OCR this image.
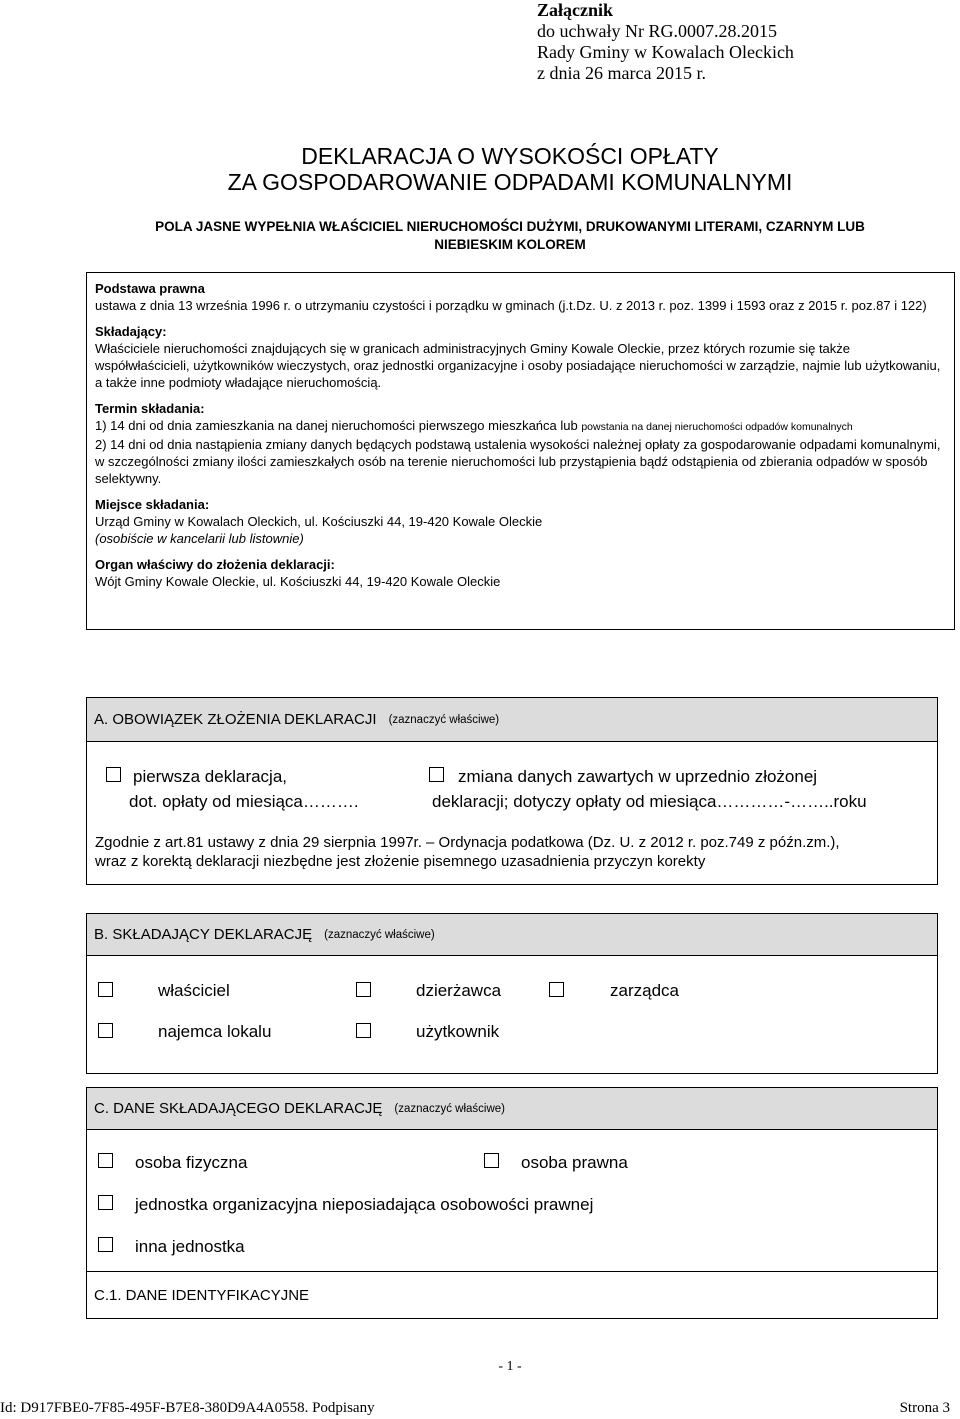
Załącznik
do uchwały Nr RG.0007.28.2015
Rady Gminy w Kowalach Oleckich
z dnia 26 marca 2015 r.
DEKLARACJA O WYSOKOŚCI OPŁATY
ZA GOSPODAROWANIE ODPADAMI KOMUNALNYMI
POLA JASNE WYPEŁNIA WŁAŚCICIEL NIERUCHOMOŚCI DUŻYMI, DRUKOWANYMI LITERAMI, CZARNYM LUB
NIEBIESKIM KOLOREM

Podstawa prawna

ustawa z dnia 13 września 1996 r. o utrzymaniu czystości i porządku w gminach (j.t.Dz. U. z 2013 r. poz. 1399 i 1593 oraz z 2015 r. poz.87 i 122)

Składający:

Właściciele nieruchomości znajdujących się w granicach administracyjnych Gminy Kowale Oleckie, przez których rozumie się także współwłaścicieli, użytkowników wieczystych, oraz jednostki organizacyjne i osoby posiadające nieruchomości w zarządzie, najmie lub użytkowaniu, a także inne podmioty władające nieruchomością.

Termin składania:

1) 14 dni od dnia zamieszkania na danej nieruchomości pierwszego mieszkańca lub powstania na danej nieruchomości odpadów komunalnych

2) 14 dni od dnia nastąpienia zmiany danych będących podstawą ustalenia wysokości należnej opłaty za gospodarowanie odpadami komunalnymi, w szczególności zmiany ilości zamieszkałych osób na terenie nieruchomości lub przystąpienia bądź odstąpienia od zbierania odpadów w sposób selektywny.

Miejsce składania:

Urząd Gminy w Kowalach Oleckich, ul. Kościuszki 44, 19-420 Kowale Oleckie

(osobiście w kancelarii lub listownie)

Organ właściwy do złożenia deklaracji:

Wójt Gminy Kowale Oleckie, ul. Kościuszki 44, 19-420 Kowale Oleckie

A. OBOWIĄZEK ZŁOŻENIA DEKLARACJI (zaznaczyć właściwe)
pierwsza deklaracja,
dot. opłaty od miesiąca……….
zmiana danych zawartych w uprzednio złożonej
deklaracji; dotyczy opłaty od miesiąca…………-……..roku
Zgodnie z art.81 ustawy z dnia 29 sierpnia 1997r. – Ordynacja podatkowa (Dz. U. z 2012 r. poz.749 z późn.zm.),
wraz z korektą deklaracji niezbędne jest złożenie pisemnego uzasadnienia przyczyn korekty
B. SKŁADAJĄCY DEKLARACJĘ (zaznaczyć właściwe)
właściciel	dzierżawca	zarządca
najemca lokalu	użytkownik
C. DANE SKŁADAJĄCEGO DEKLARACJĘ (zaznaczyć właściwe)
osoba fizyczna	osoba prawna
jednostka organizacyjna nieposiadająca osobowości prawnej
inna jednostka
C.1. DANE IDENTYFIKACYJNE
- 1 -
Id: D917FBE0-7F85-495F-B7E8-380D9A4A0558. Podpisany	Strona 3
